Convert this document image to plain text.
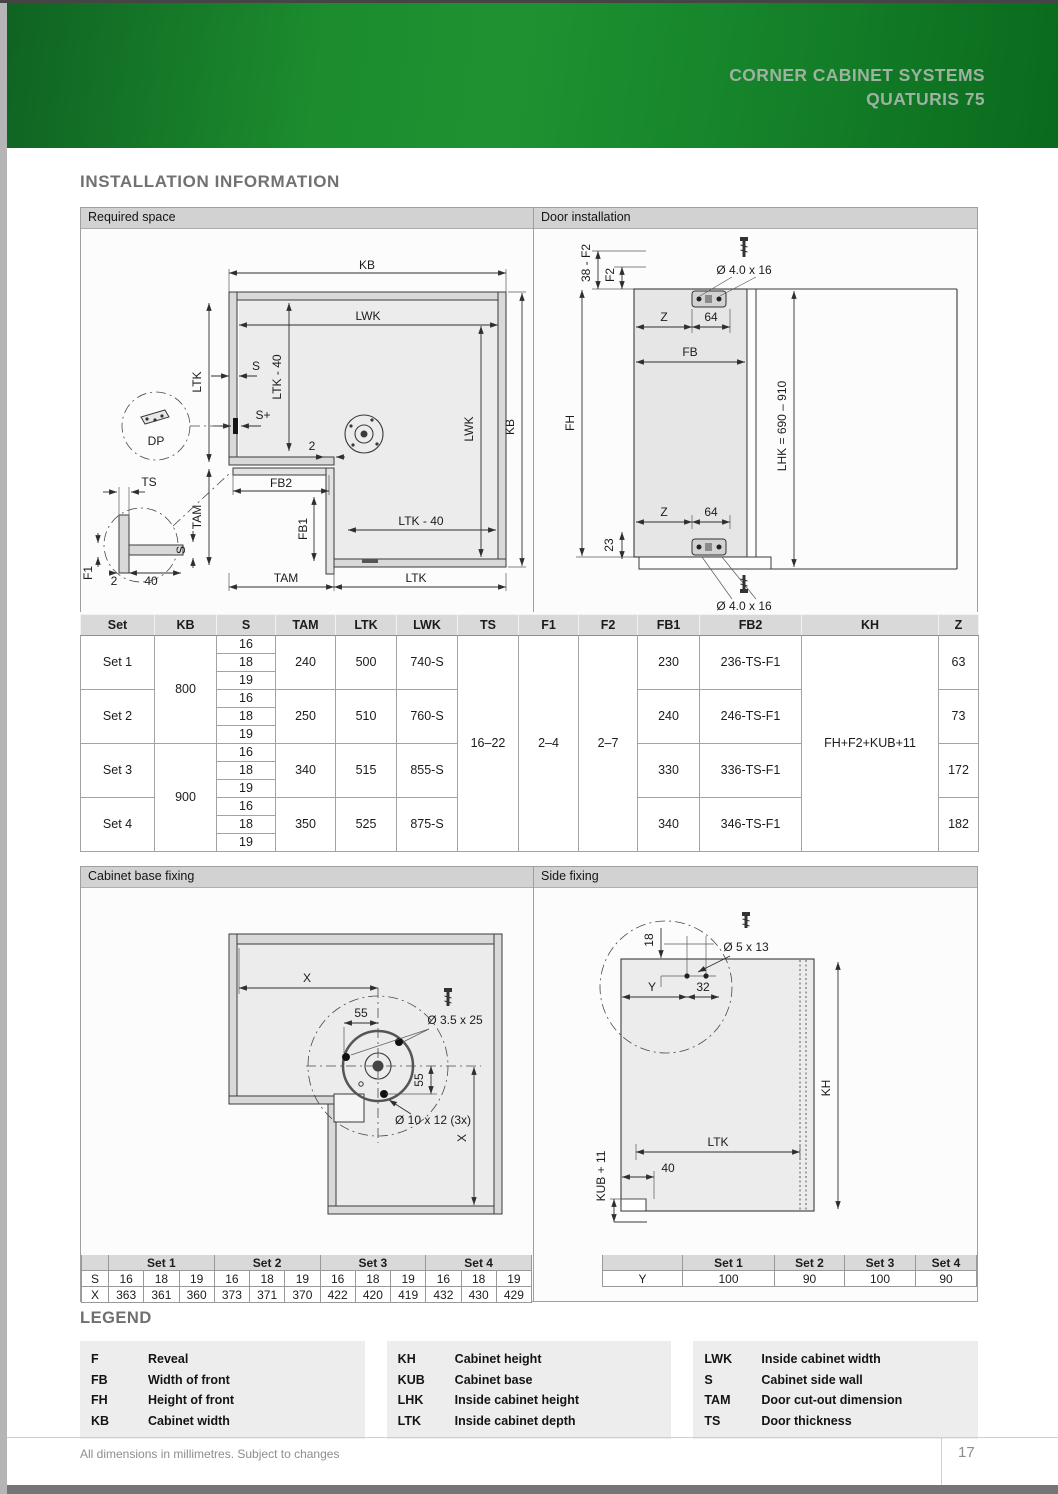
CORNER CABINET SYSTEMS
QUATURIS 75
INSTALLATION INFORMATION
Required space
KB
LWK
LTK - 40
S
S+
LTK
TAM
FB2
FB1
2
LWK KB
LTK - 40
TAM	LTK
DP
TS
F1
2 40
S
Door installation
Ø 4.0 x 16
38 - F2 F2
FH
Z	64
FB
LHK = 690 – 910
Z	64
23
Ø 4.0 x 16
Set	KB	S	TAM	LTK	LWK	TS	F1	F2	FB1	FB2	KH	Z
Set 1	800	16	240	500	740-S	16–22	2–4	2–7	230	236-TS-F1	FH+F2+KUB+11	63
		18										
		19										
Set 2		16	250	510	760-S				240	246-TS-F1		73
		18										
		19										
Set 3	900	16	340	515	855-S				330	336-TS-F1		172
		18										
		19										
Set 4		16	350	525	875-S				340	346-TS-F1		182
		18										
		19										
Cabinet base fixing
X
55	Ø 3.5 x 25
55
Ø 10 x 12 (3x)
X
	Set 1			Set 2			Set 3			Set 4		
S	16	18	19	16	18	19	16	18	19	16	18	19
X	363	361	360	373	371	370	422	420	419	432	430	429
Side fixing
18
Y	32
Ø 5 x 13
KH
LTK
40
KUB + 11
	Set 1	Set 2	Set 3	Set 4
Y	100	90	100	90
LEGEND
F	Reveal
FB	Width of front
FH	Height of front
KB	Cabinet width
KH	Cabinet height
KUB	Cabinet base
LHK	Inside cabinet height
LTK	Inside cabinet depth
LWK	Inside cabinet width
S	Cabinet side wall
TAM	Door cut-out dimension
TS	Door thickness
All dimensions in millimetres. Subject to changes	17
